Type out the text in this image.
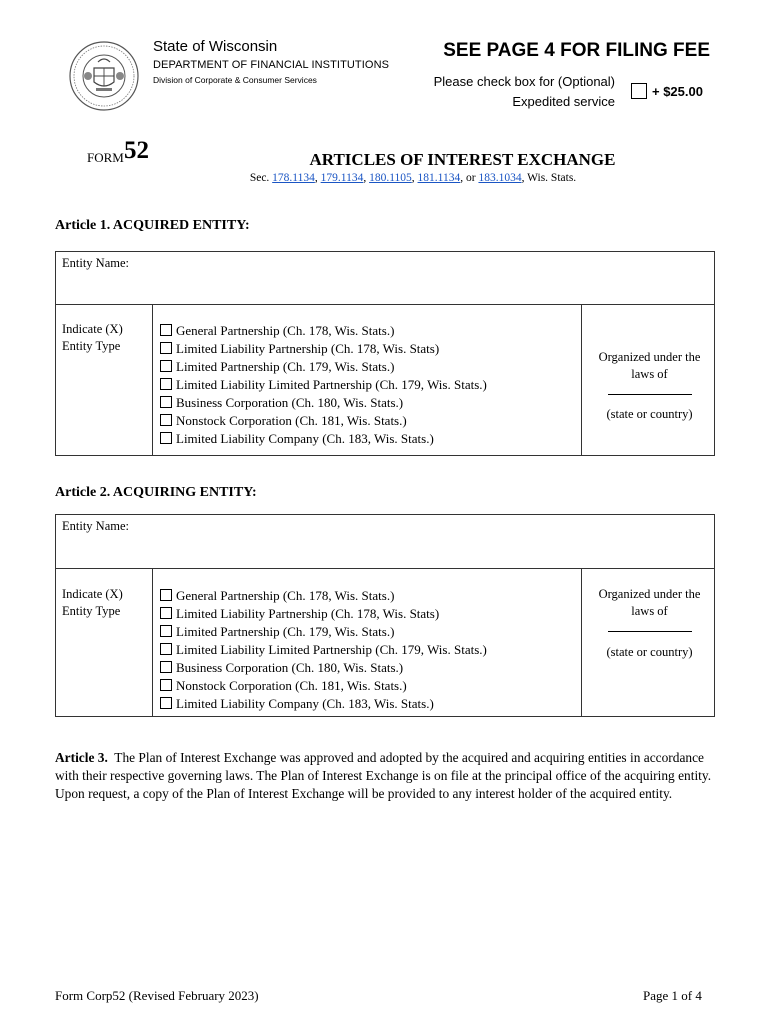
State of Wisconsin
DEPARTMENT OF FINANCIAL INSTITUTIONS
Division of Corporate & Consumer Services
SEE PAGE 4 FOR FILING FEE
Please check box for (Optional)
Expedited service
+ $25.00
FORM 52	ARTICLES OF INTEREST EXCHANGE
Sec. 178.1134, 179.1134, 180.1105, 181.1134, or 183.1034, Wis. Stats.
Article 1. ACQUIRED ENTITY:
Entity Name:
Indicate (X)
Entity Type
General Partnership (Ch. 178, Wis. Stats.)
Limited Liability Partnership (Ch. 178, Wis. Stats)
Limited Partnership (Ch. 179, Wis. Stats.)
Limited Liability Limited Partnership (Ch. 179, Wis. Stats.)
Business Corporation (Ch. 180, Wis. Stats.)
Nonstock Corporation (Ch. 181, Wis. Stats.)
Limited Liability Company (Ch. 183, Wis. Stats.)
Organized under the
laws of
(state or country)
Article 2. ACQUIRING ENTITY:
Entity Name:
Indicate (X)
Entity Type
General Partnership (Ch. 178, Wis. Stats.)
Limited Liability Partnership (Ch. 178, Wis. Stats)
Limited Partnership (Ch. 179, Wis. Stats.)
Limited Liability Limited Partnership (Ch. 179, Wis. Stats.)
Business Corporation (Ch. 180, Wis. Stats.)
Nonstock Corporation (Ch. 181, Wis. Stats.)
Limited Liability Company (Ch. 183, Wis. Stats.)
Organized under the
laws of
(state or country)
Article 3. The Plan of Interest Exchange was approved and adopted by the acquired and acquiring entities in accordance with their respective governing laws. The Plan of Interest Exchange is on file at the principal office of the acquiring entity. Upon request, a copy of the Plan of Interest Exchange will be provided to any interest holder of the acquired entity.
Form Corp52 (Revised February 2023)	Page 1 of 4
